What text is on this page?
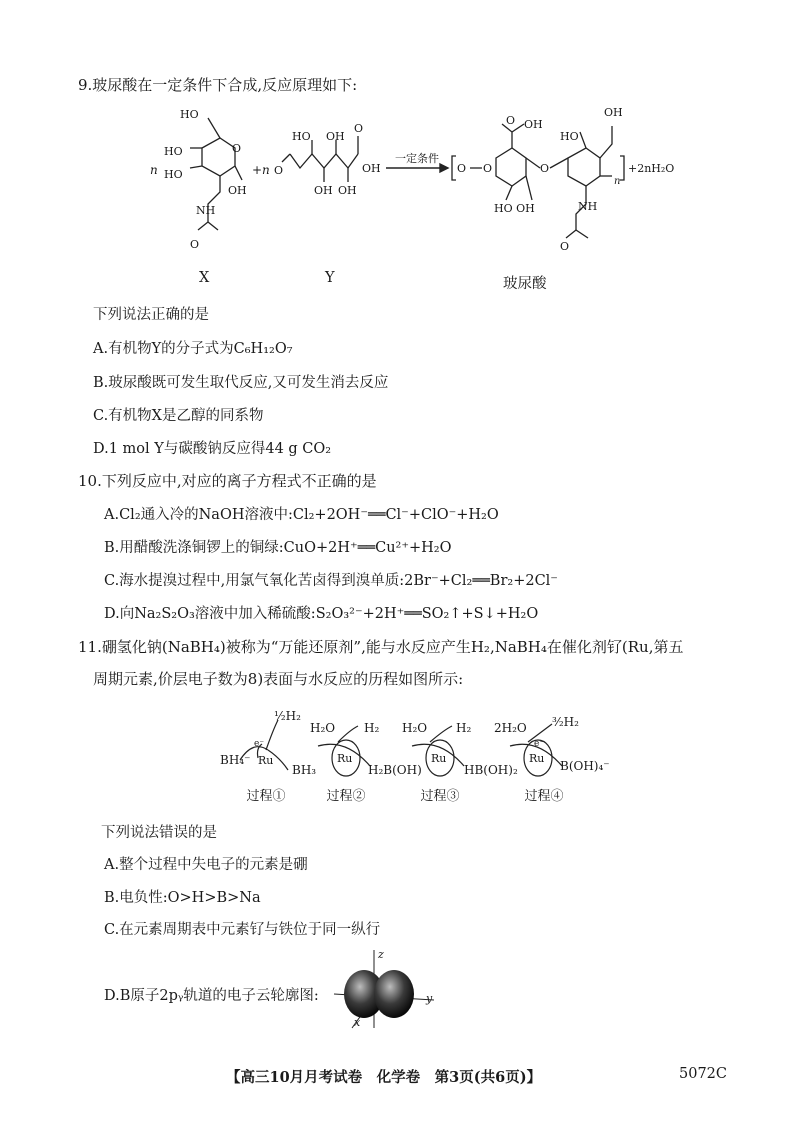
9.玻尿酸在一定条件下合成,反应原理如下:
n
HO
HO
HO
OH
NH
O
O
+n
HO OH
OH OH
O
OH
O
一定条件
O O	O
O OH
HO OH
HO
OH
NH
O
n
+2nH₂O
X	Y	玻尿酸
下列说法正确的是
A.有机物Y的分子式为C₆H₁₂O₇
B.玻尿酸既可发生取代反应,又可发生消去反应
C.有机物X是乙醇的同系物
D.1 mol Y与碳酸钠反应得44 g CO₂
10.下列反应中,对应的离子方程式不正确的是
A.Cl₂通入冷的NaOH溶液中:Cl₂+2OH⁻══Cl⁻+ClO⁻+H₂O
B.用醋酸洗涤铜锣上的铜绿:CuO+2H⁺══Cu²⁺+H₂O
C.海水提溴过程中,用氯气氧化苦卤得到溴单质:2Br⁻+Cl₂══Br₂+2Cl⁻
D.向Na₂S₂O₃溶液中加入稀硫酸:S₂O₃²⁻+2H⁺══SO₂↑+S↓+H₂O
11.硼氢化钠(NaBH₄)被称为“万能还原剂”,能与水反应产生H₂,NaBH₄在催化剂钌(Ru,第五
周期元素,价层电子数为8)表面与水反应的历程如图所示:
BH₄⁻ Ru
BH₃
½H₂
e⁻
H₂O H₂
Ru
H₂B(OH)
H₂O H₂
Ru
HB(OH)₂
2H₂O ³⁄₂H₂
Ru
e⁻
B(OH)₄⁻
过程①	过程②	过程③	过程④
下列说法错误的是
A.整个过程中失电子的元素是硼
B.电负性:O>H>B>Na
C.在元素周期表中元素钌与铁位于同一纵行
D.B原子2pᵧ轨道的电子云轮廓图:
z
y
x
【高三10月月考试卷　化学卷　第3页(共6页)】	5072C
